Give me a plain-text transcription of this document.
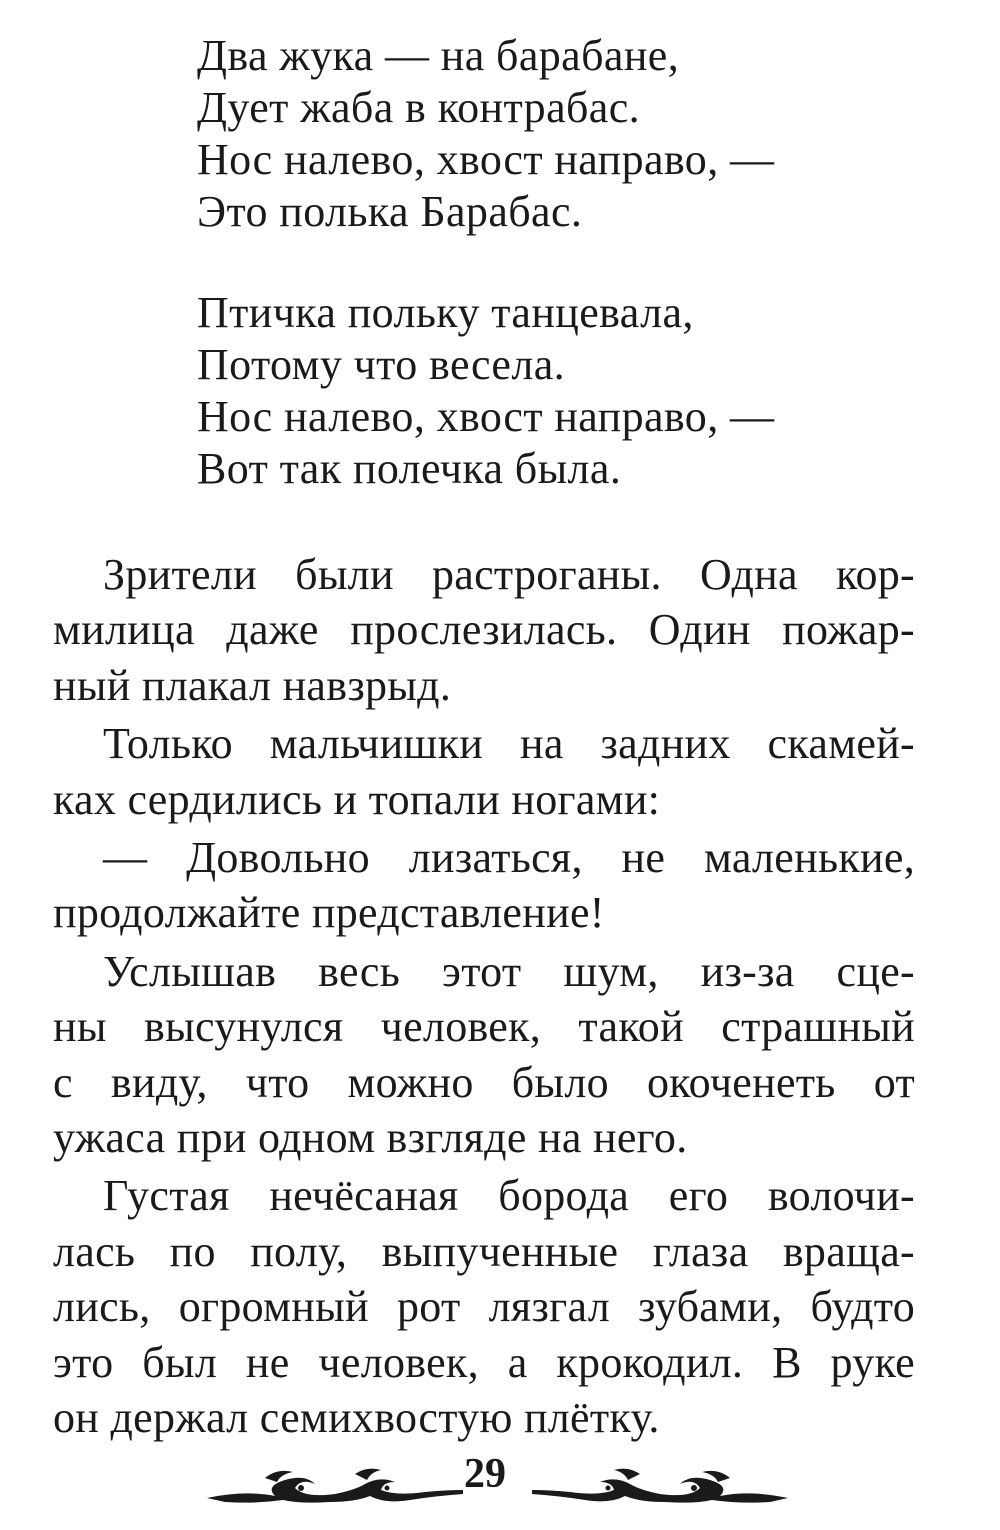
Два жука — на барабане,
Дует жаба в контрабас.
Нос налево, хвост направо, —
Это полька Барабас.
Птичка польку танцевала,
Потому что весела.
Нос налево, хвост направо, —
Вот так полечка была.
Зрители были растроганы. Одна кор-
милица даже прослезилась. Один пожар-
ный плакал навзрыд.
Только мальчишки на задних скамей-
ках сердились и топали ногами:
— Довольно лизаться, не маленькие,
продолжайте представление!
Услышав весь этот шум, из-за сце-
ны высунулся человек, такой страшный
с виду, что можно было окоченеть от
ужаса при одном взгляде на него.
Густая нечёсаная борода его волочи-
лась по полу, выпученные глаза враща-
лись, огромный рот лязгал зубами, будто
это был не человек, а крокодил. В руке
он держал семихвостую плётку.
29
